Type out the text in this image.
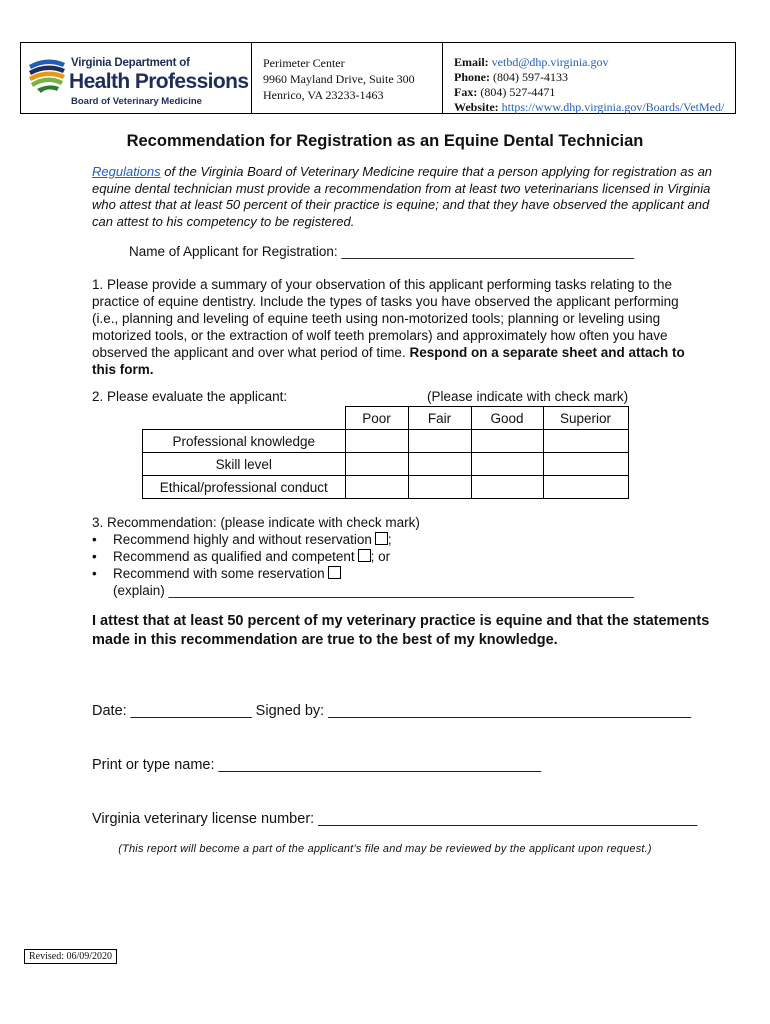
Virginia Department of
Health Professions
Board of Veterinary Medicine
Perimeter Center
9960 Mayland Drive, Suite 300
Henrico, VA 23233-1463
Email: vetbd@dhp.virginia.gov
Phone: (804) 597-4133
Fax: (804) 527-4471
Website: https://www.dhp.virginia.gov/Boards/VetMed/
Recommendation for Registration as an Equine Dental Technician
Regulations of the Virginia Board of Veterinary Medicine require that a person applying for registration as an equine dental technician must provide a recommendation from at least two veterinarians licensed in Virginia who attest that at least 50 percent of their practice is equine; and that they have observed the applicant and can attest to his competency to be registered.
Name of Applicant for Registration: _______________________________________
1. Please provide a summary of your observation of this applicant performing tasks relating to the practice of equine dentistry. Include the types of tasks you have observed the applicant performing (i.e., planning and leveling of equine teeth using non-motorized tools; planning or leveling using motorized tools, or the extraction of wolf teeth premolars) and approximately how often you have observed the applicant and over what period of time. Respond on a separate sheet and attach to this form.
2. Please evaluate the applicant:	(Please indicate with check mark)
	Poor	Fair	Good	Superior
Professional knowledge				
Skill level				
Ethical/professional conduct				
3. Recommendation: (please indicate with check mark)
• Recommend highly and without reservation ;
• Recommend as qualified and competent ; or
• Recommend with some reservation
(explain) ______________________________________________________________
I attest that at least 50 percent of my veterinary practice is equine and that the statements made in this recommendation are true to the best of my knowledge.
Date: _______________ Signed by: _____________________________________________
Print or type name: ________________________________________
Virginia veterinary license number: _______________________________________________
(This report will become a part of the applicant’s file and may be reviewed by the applicant upon request.)
Revised: 06/09/2020
